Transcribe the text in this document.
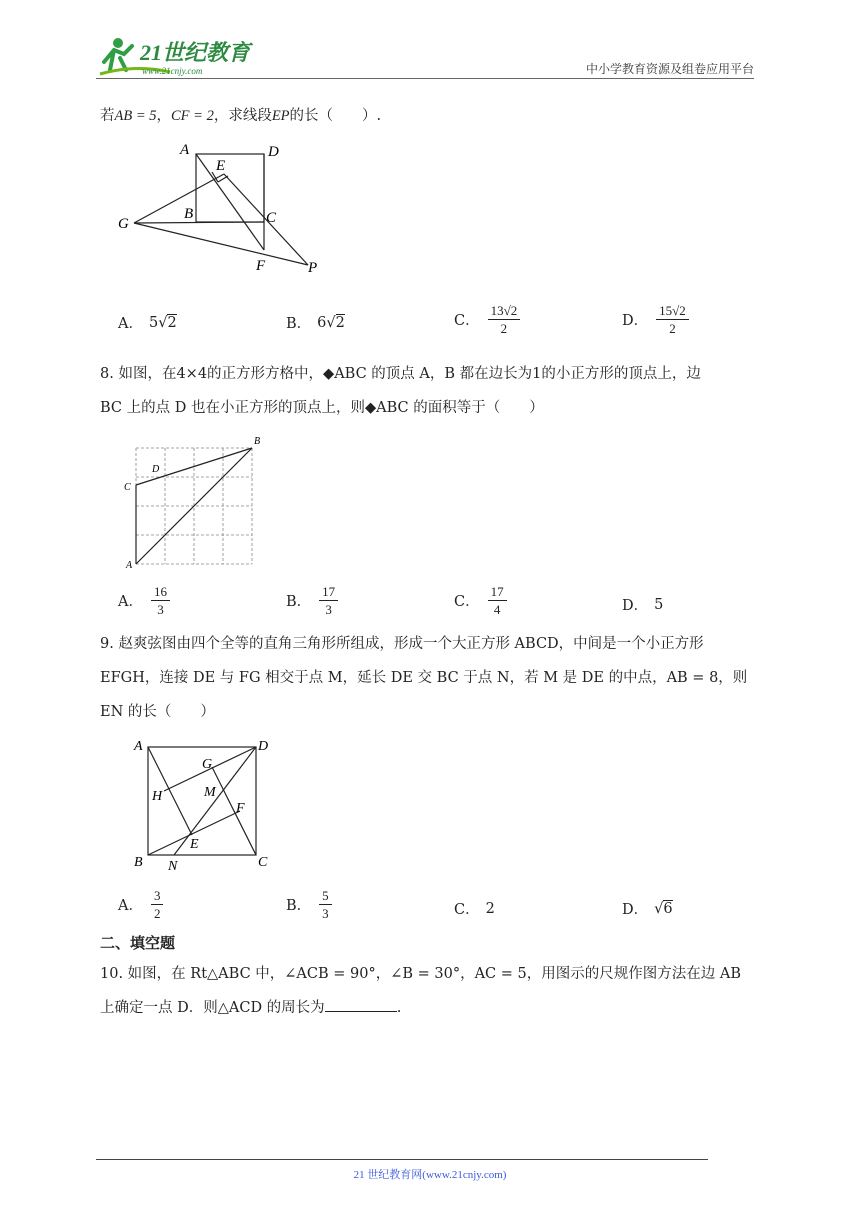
21世纪教育
www.21cnjy.com	中小学教育资源及组卷应用平台
若AB = 5，CF = 2，求线段EP的长（　　）.
A	D
E
G
B	C
F	P
A． 5 √ 2	B． 6 √ 2	C． $\frac{13√2}{2}$	D． $\frac{15√2}{2}$
8. 如图，在4×4的正方形方格中，◆ABC 的顶点 A，B 都在边长为1的小正方形的顶点上，边
BC 上的点 D 也在小正方形的顶点上，则◆ABC 的面积等于（　　）
B
D
C
A
A． $\frac{16}{3}$	B． $\frac{17}{3}$	C． $\frac{17}{4}$	D． 5
9. 赵爽弦图由四个全等的直角三角形所组成，形成一个大正方形 ABCD，中间是一个小正方形
EFGH，连接 DE 与 FG 相交于点 M，延长 DE 交 BC 于点 N，若 M 是 DE 的中点，AB = 8，则
EN 的长（　　）
A	D
G
H	M
F
E
B N	C
A． $\frac{3}{2}$	B． $\frac{5}{3}$	C． 2	D． √ 6
二、填空题
10. 如图，在 Rt△ABC 中，∠ACB = 90°，∠B = 30°，AC = 5，用图示的尺规作图方法在边 AB
上确定一点 D．则△ACD 的周长为	.
21 世纪教育网(www.21cnjy.com)
